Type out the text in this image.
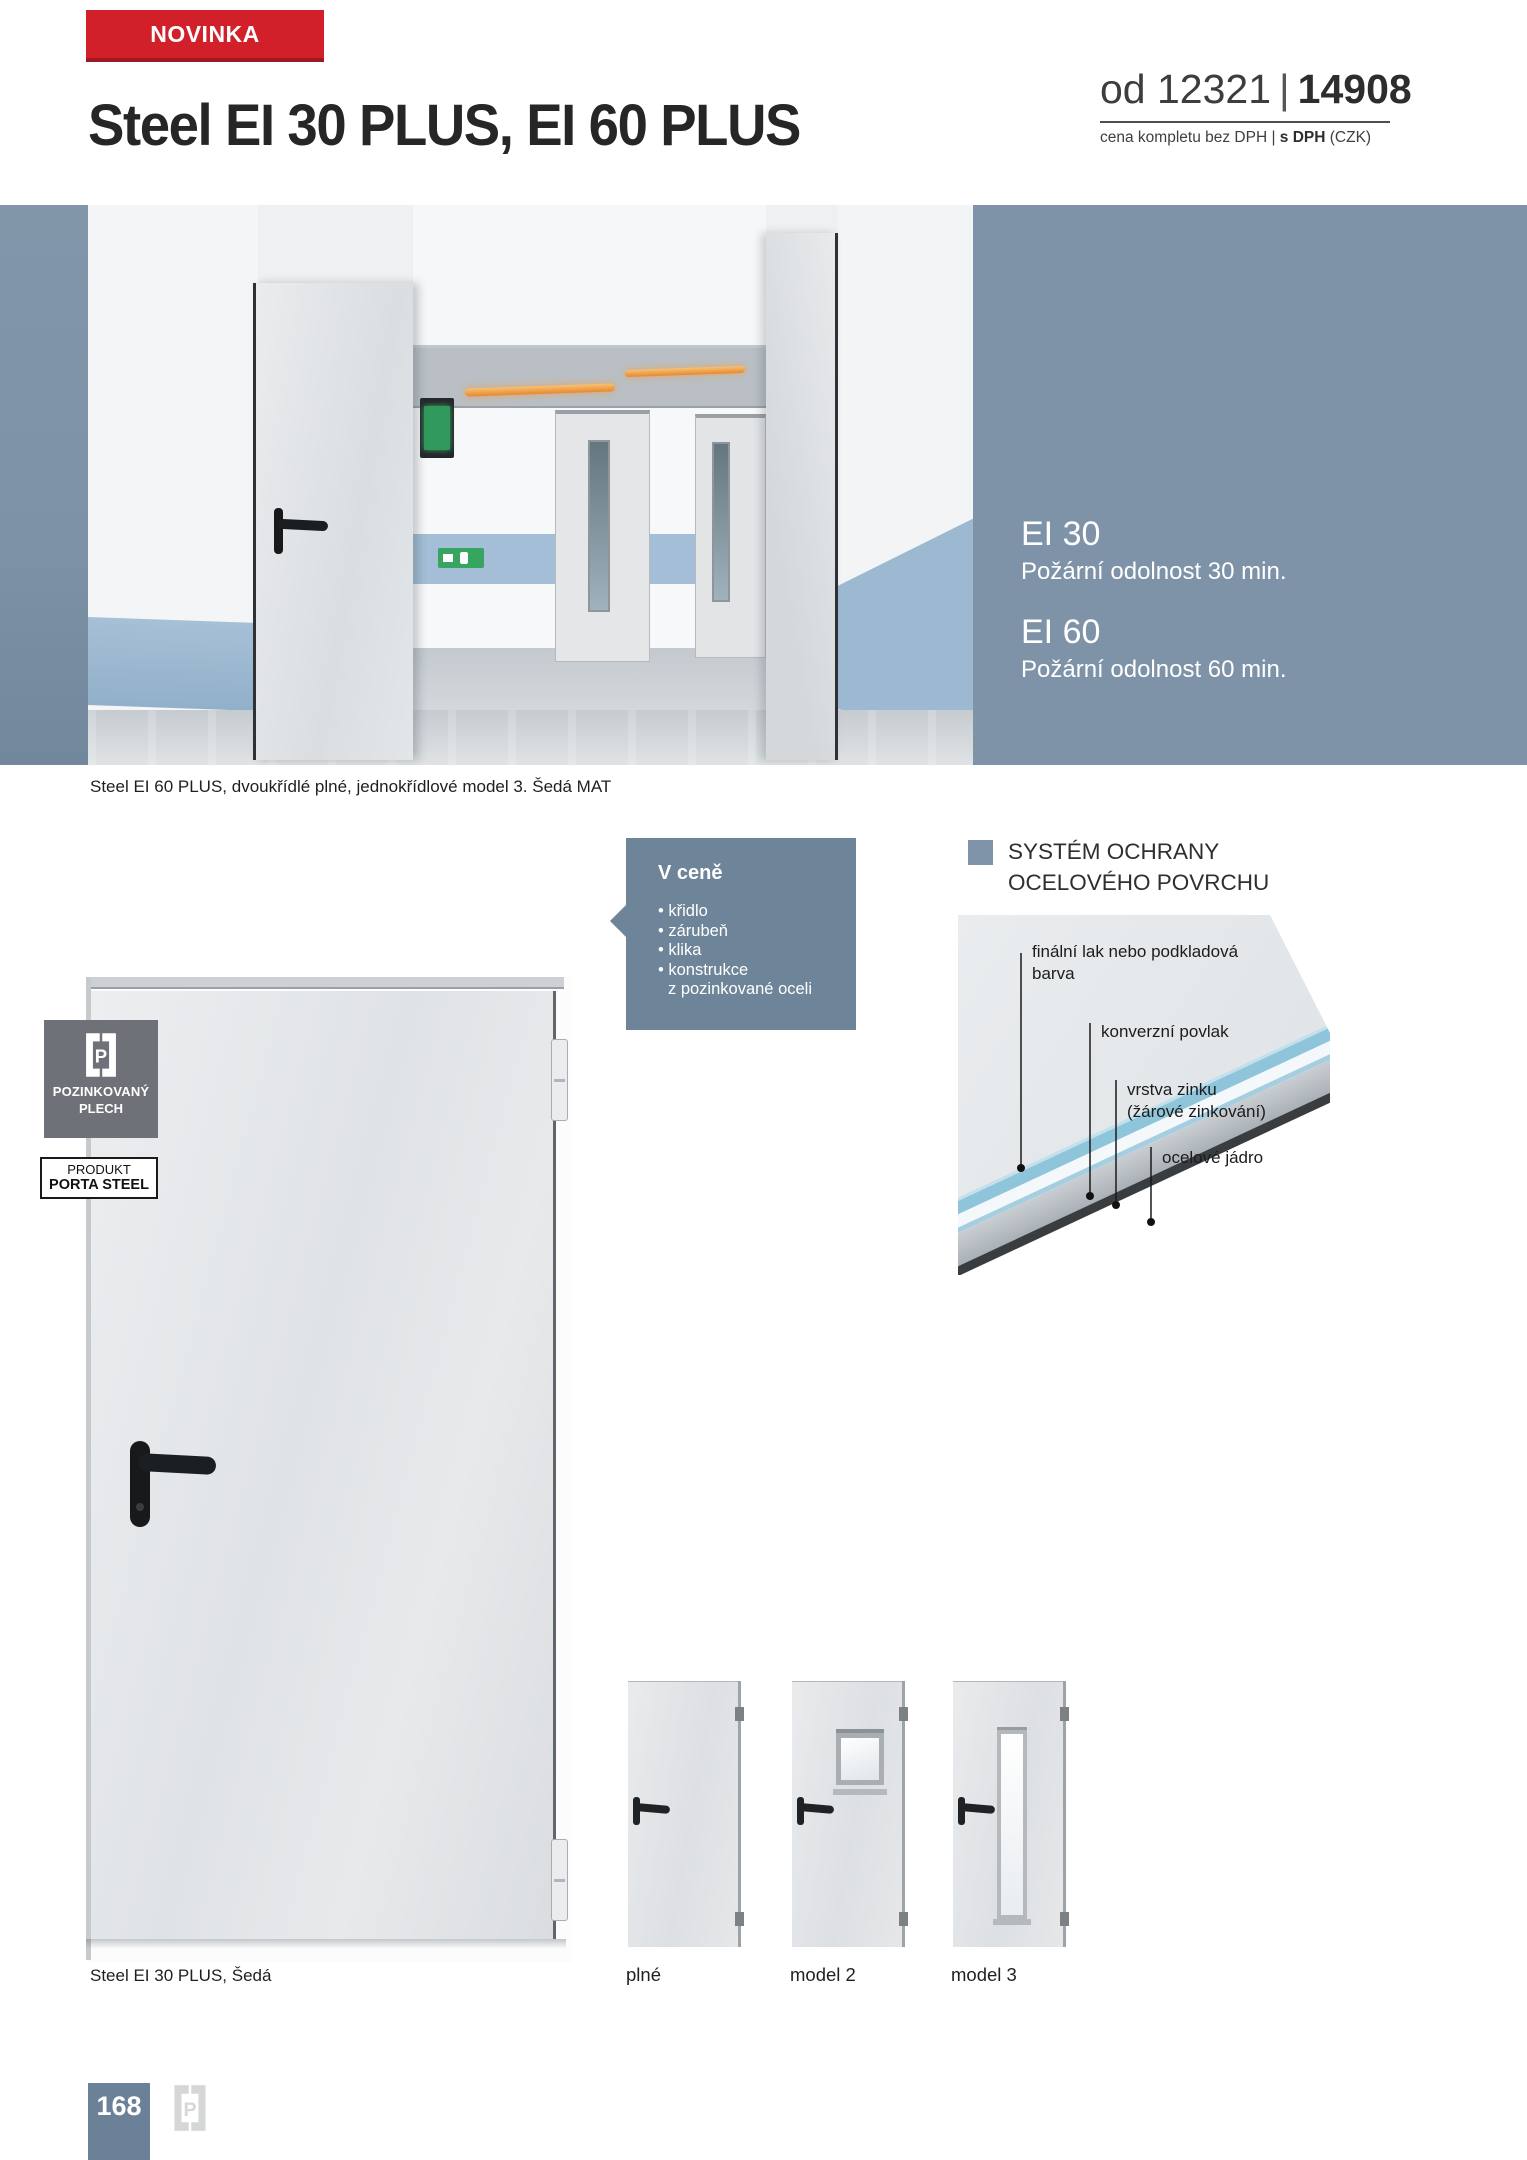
NOVINKA
Steel EI 30 PLUS, EI 60 PLUS
od 12321 | 14908
cena kompletu bez DPH | s DPH (CZK)
EI 30
Požární odolnost 30 min.
EI 60
Požární odolnost 60 min.
Steel EI 60 PLUS, dvoukřídlé plné, jednokřídlové model 3. Šedá MAT
V ceně
• křidlo
• zárubeň
• klika
• konstrukce
z pozinkované oceli
SYSTÉM OCHRANY
OCELOVÉHO POVRCHU
finální lak nebo podkladová
barva
konverzní povlak
vrstva zinku
(žárové zinkování)
ocelové jádro
Steel EI 30 PLUS, Šedá
P
POZINKOVANÝ
PLECH
PRODUKT
PORTA STEEL
plné	model 2	model 3
168 P
